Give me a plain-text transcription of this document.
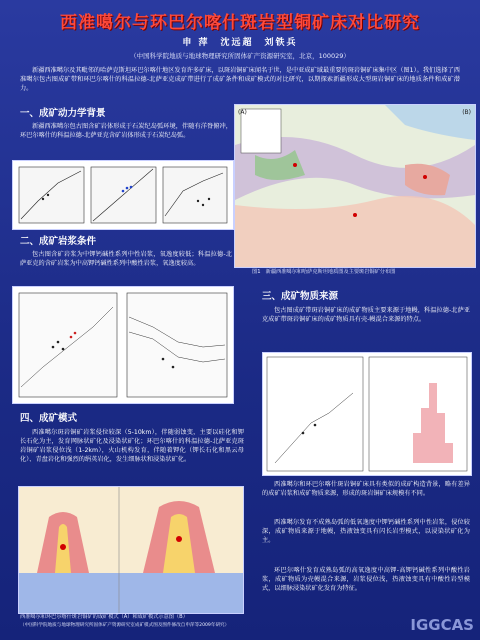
西准噶尔与环巴尔喀什斑岩型铜矿床对比研究
申 萍　沈远超　刘铁兵
（中国科学院地质与地球物理研究所固体矿产资源研究室，北京，100029）
新疆西准噶尔及其毗邻的哈萨克斯坦环巴尔喀什地区发育许多矿床，以斑岩铜矿床闻名于世，是中亚成矿域最重要的斑岩铜矿床集中区（图1）。我们选择了西准噶尔包古图成矿带和环巴尔喀什的科温拉德-北萨亚克成矿带进行了成矿条件和成矿模式的对比研究，以期探索新疆形成大型斑岩铜矿床的地质条件和成矿潜力。
一、成矿动力学背景
新疆西准噶尔包古图含矿岩体形成于石炭纪岛弧环境，伴随有洋脊俯冲，环巴尔喀什的科温拉德-北萨亚克含矿岩体形成于石炭纪岛弧。
二、成矿岩浆条件
包古图含矿岩浆为中钾钙碱性系列中性岩浆，氧逸度较低；科温拉德-北萨亚克的含矿岩浆为中高钾钙碱性系列中酸性岩浆，氧逸度较高。
(A)	(B)
图1　新疆西准噶尔和哈萨克斯坦地质图及主要斑岩铜矿分布图
三、成矿物质来源
包古图成矿带斑岩铜矿床的成矿物质主要来源于地幔，科温拉德-北萨亚克成矿带斑岩铜矿床的成矿物质具有壳-幔混合来源的特点。
四、成矿模式
西准噶尔斑岩铜矿岩浆侵位较深（5-10km），伴随弱蚀变，主要以硅化和钾长石化为主，发育网脉状矿化及浸染状矿化；环巴尔喀什的科温拉德-北萨亚克斑岩铜矿岩浆侵位浅（1-2km），火山机构发育，伴随着钾化（钾长石化和黑云母化）、青盘岩化和强烈的绢英岩化，发生细脉状和浸染状矿化。
西准噶尔和环巴尔喀什斑岩铜矿的成矿模式（A）和成矿模式示意图（B）
（中国科学院地质与地球物理研究所固体矿产资源研究室成矿模式图及图件修改自申萍等2009年研究）
西准噶尔和环巴尔喀什斑岩铜矿床具有类似的成矿构造背景，略有差异的成矿岩浆和成矿物质来源，形成的斑岩铜矿床规模有不同。
西准噶尔发育不成熟岛弧的低氧逸度中钾钙碱性系列中性岩浆，侵位较深，成矿物质来源于地幔，热液蚀变具有闪长岩型模式，以浸染状矿化为主。
环巴尔喀什发育成熟岛弧的高氧逸度中高钾-高钾钙碱性系列中酸性岩浆，成矿物质为壳幔混合来源，岩浆侵位浅，热液蚀变具有中酸性岩型模式，以细脉浸染状矿化发育为特征。
IGGCAS
